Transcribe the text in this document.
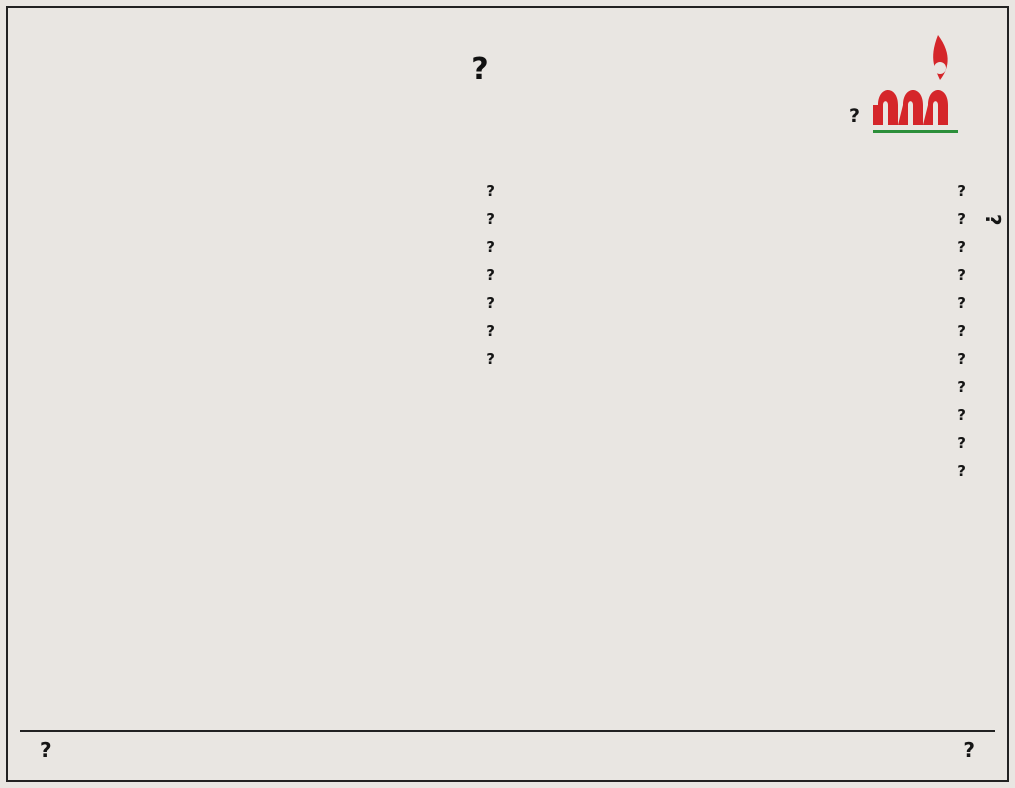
?
?
?

?

?

?

?

?

?

?

?

?

?

?

?

?

?

?

?

?

?

?
?
